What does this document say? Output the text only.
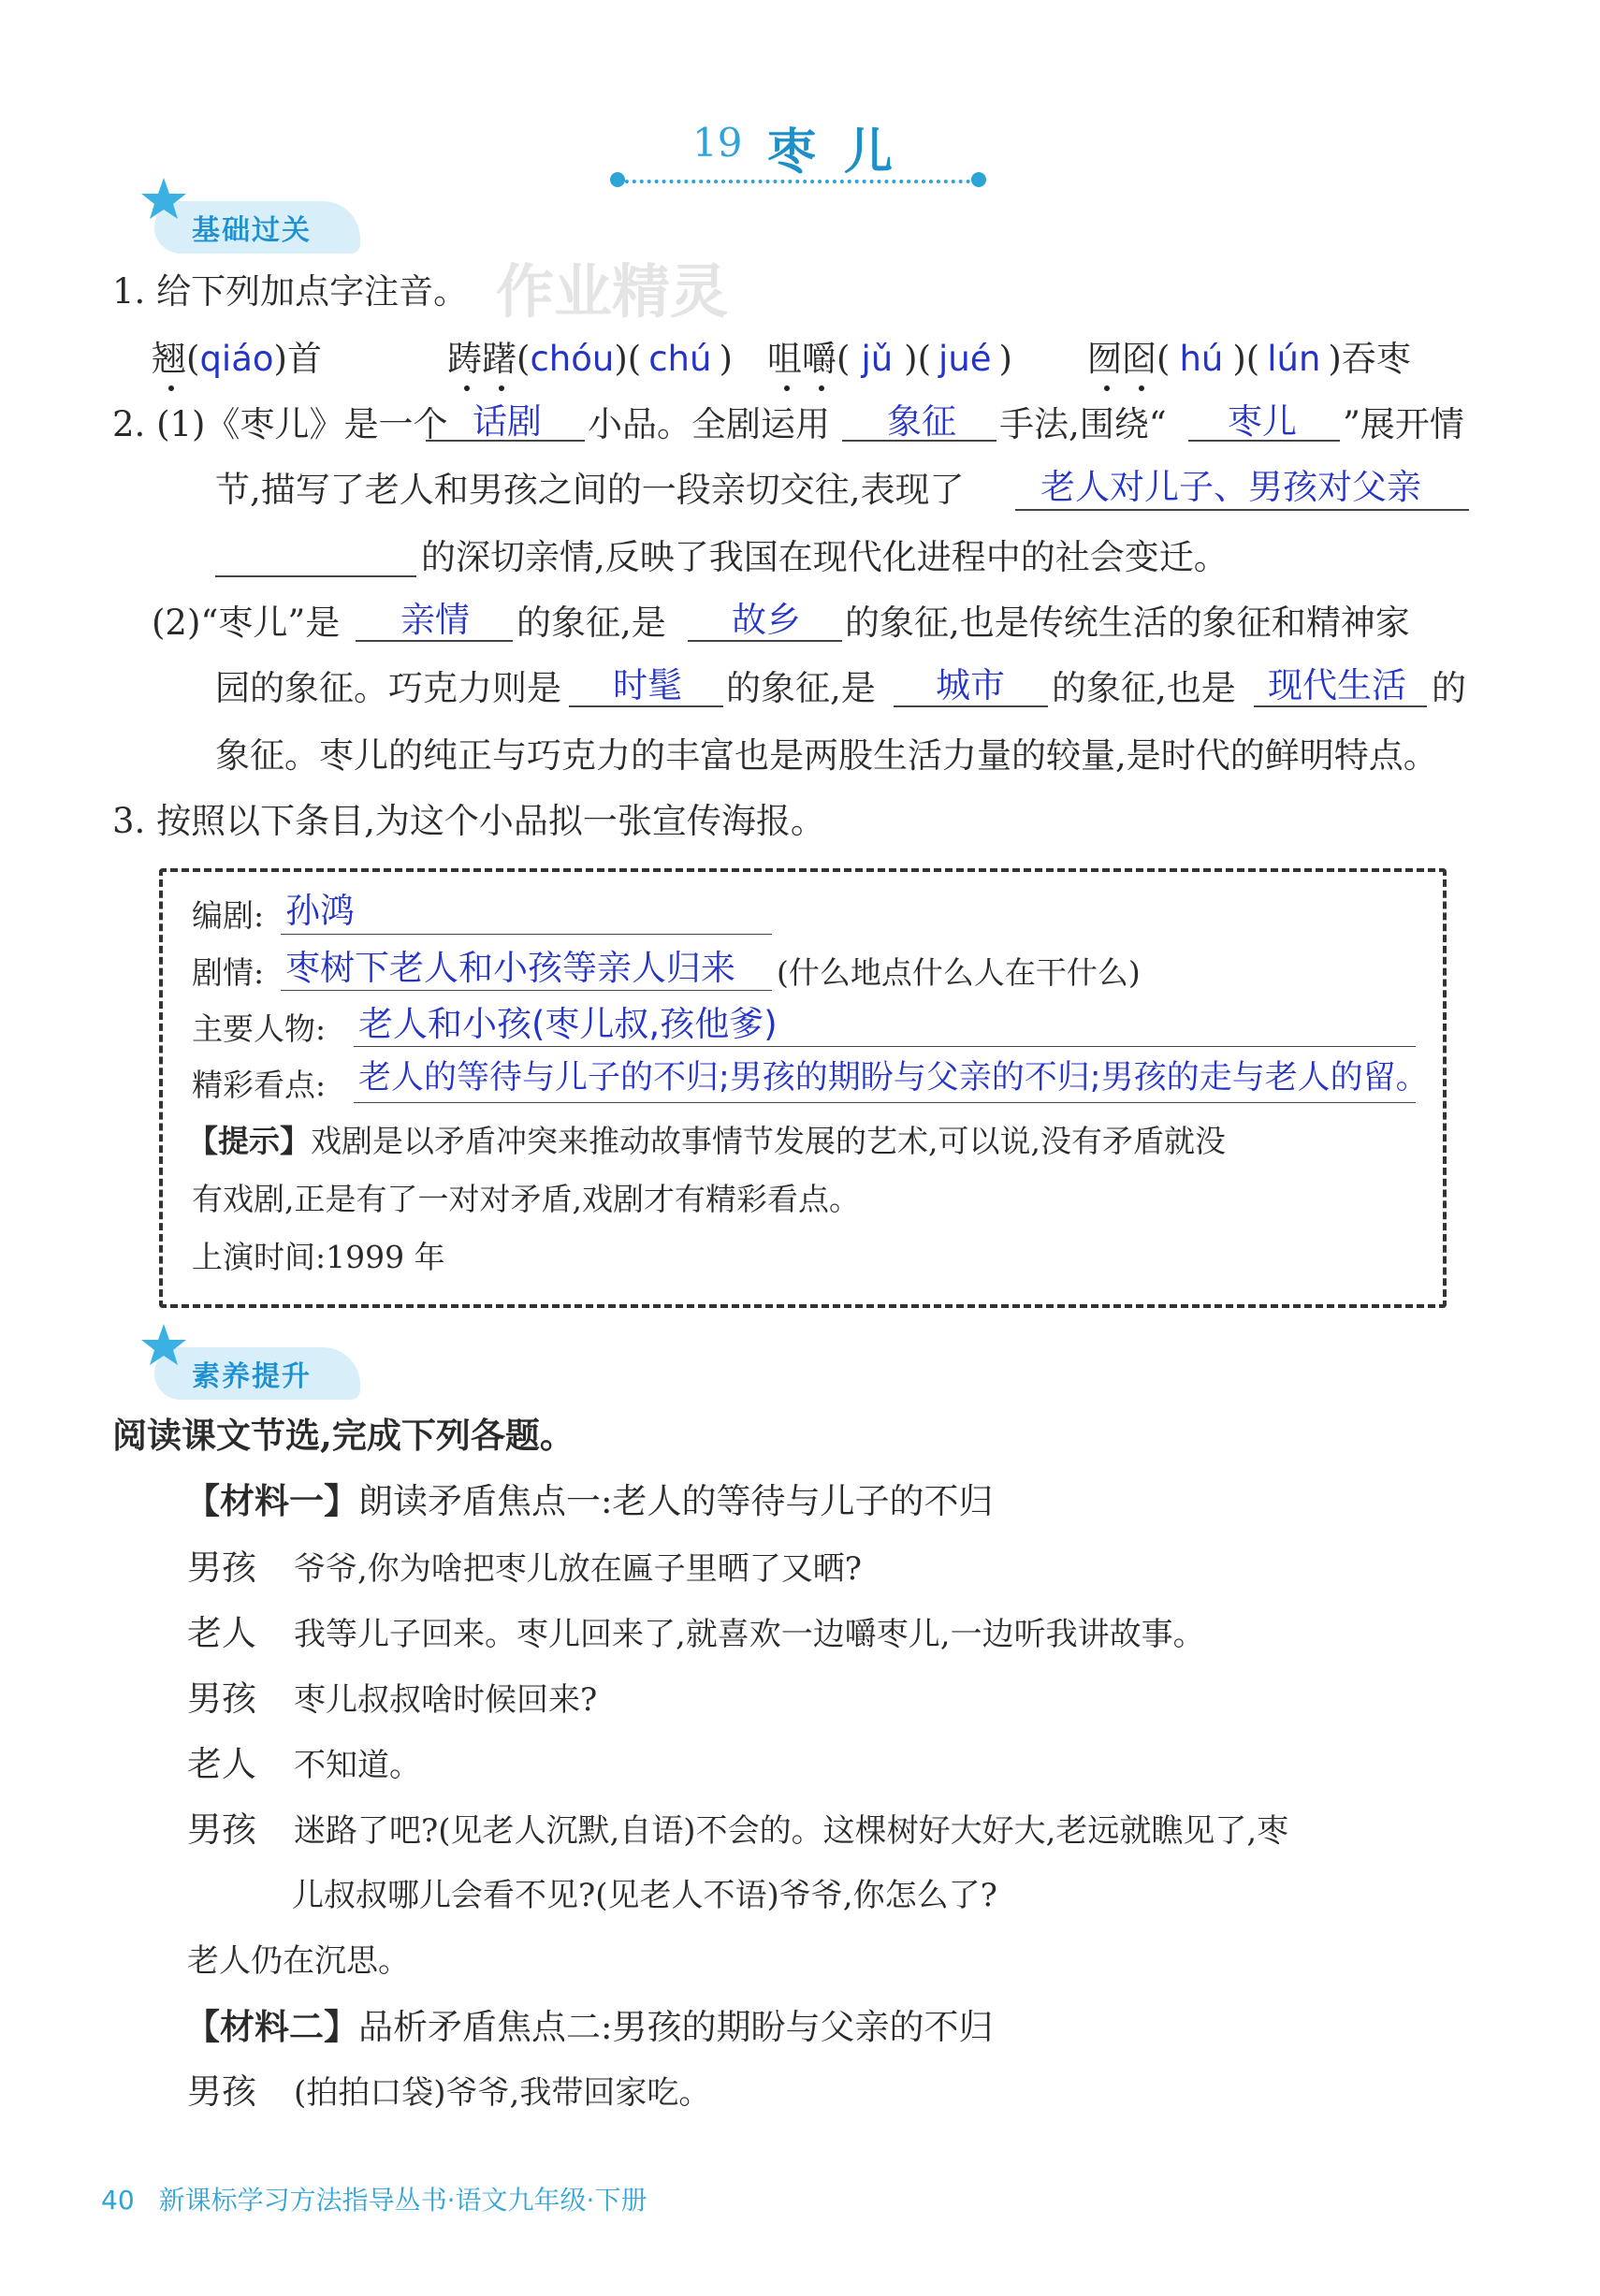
19 枣儿
基础过关
作业精灵
1. 给下列加点字注音。
翘(qiáo)首	踌躇(chóu)( chú ) 咀嚼( jǔ )( jué ) 囫囵( hú )( lún )吞枣
2. (1)《枣儿》是一个 话剧 小品。全剧运用 象征 手法,围绕“ 枣儿 ”展开情
节,描写了老人和男孩之间的一段亲切交往,表现了 老人对儿子、男孩对父亲
的深切亲情,反映了我国在现代化进程中的社会变迁。
(2)“枣儿”是 亲情 的象征,是 故乡 的象征,也是传统生活的象征和精神家
园的象征。巧克力则是 时髦 的象征,是 城市 的象征,也是 现代生活 的
象征。枣儿的纯正与巧克力的丰富也是两股生活力量的较量,是时代的鲜明特点。
3. 按照以下条目,为这个小品拟一张宣传海报。
编剧: 孙鸿
剧情: 枣树下老人和小孩等亲人归来 (什么地点什么人在干什么)
主要人物: 老人和小孩(枣儿叔,孩他爹)
精彩看点: 老人的等待与儿子的不归;男孩的期盼与父亲的不归;男孩的走与老人的留。
【提示】戏剧是以矛盾冲突来推动故事情节发展的艺术,可以说,没有矛盾就没
有戏剧,正是有了一对对矛盾,戏剧才有精彩看点。
上演时间:1999 年
素养提升
阅读课文节选,完成下列各题。
【材料一】朗读矛盾焦点一:老人的等待与儿子的不归
男孩 爷爷,你为啥把枣儿放在匾子里晒了又晒?
老人 我等儿子回来。枣儿回来了,就喜欢一边嚼枣儿,一边听我讲故事。
男孩 枣儿叔叔啥时候回来?
老人 不知道。
男孩 迷路了吧?(见老人沉默,自语)不会的。这棵树好大好大,老远就瞧见了,枣
儿叔叔哪儿会看不见?(见老人不语)爷爷,你怎么了?
老人仍在沉思。
【材料二】品析矛盾焦点二:男孩的期盼与父亲的不归
男孩 (拍拍口袋)爷爷,我带回家吃。
40 新课标学习方法指导丛书·语文九年级·下册
